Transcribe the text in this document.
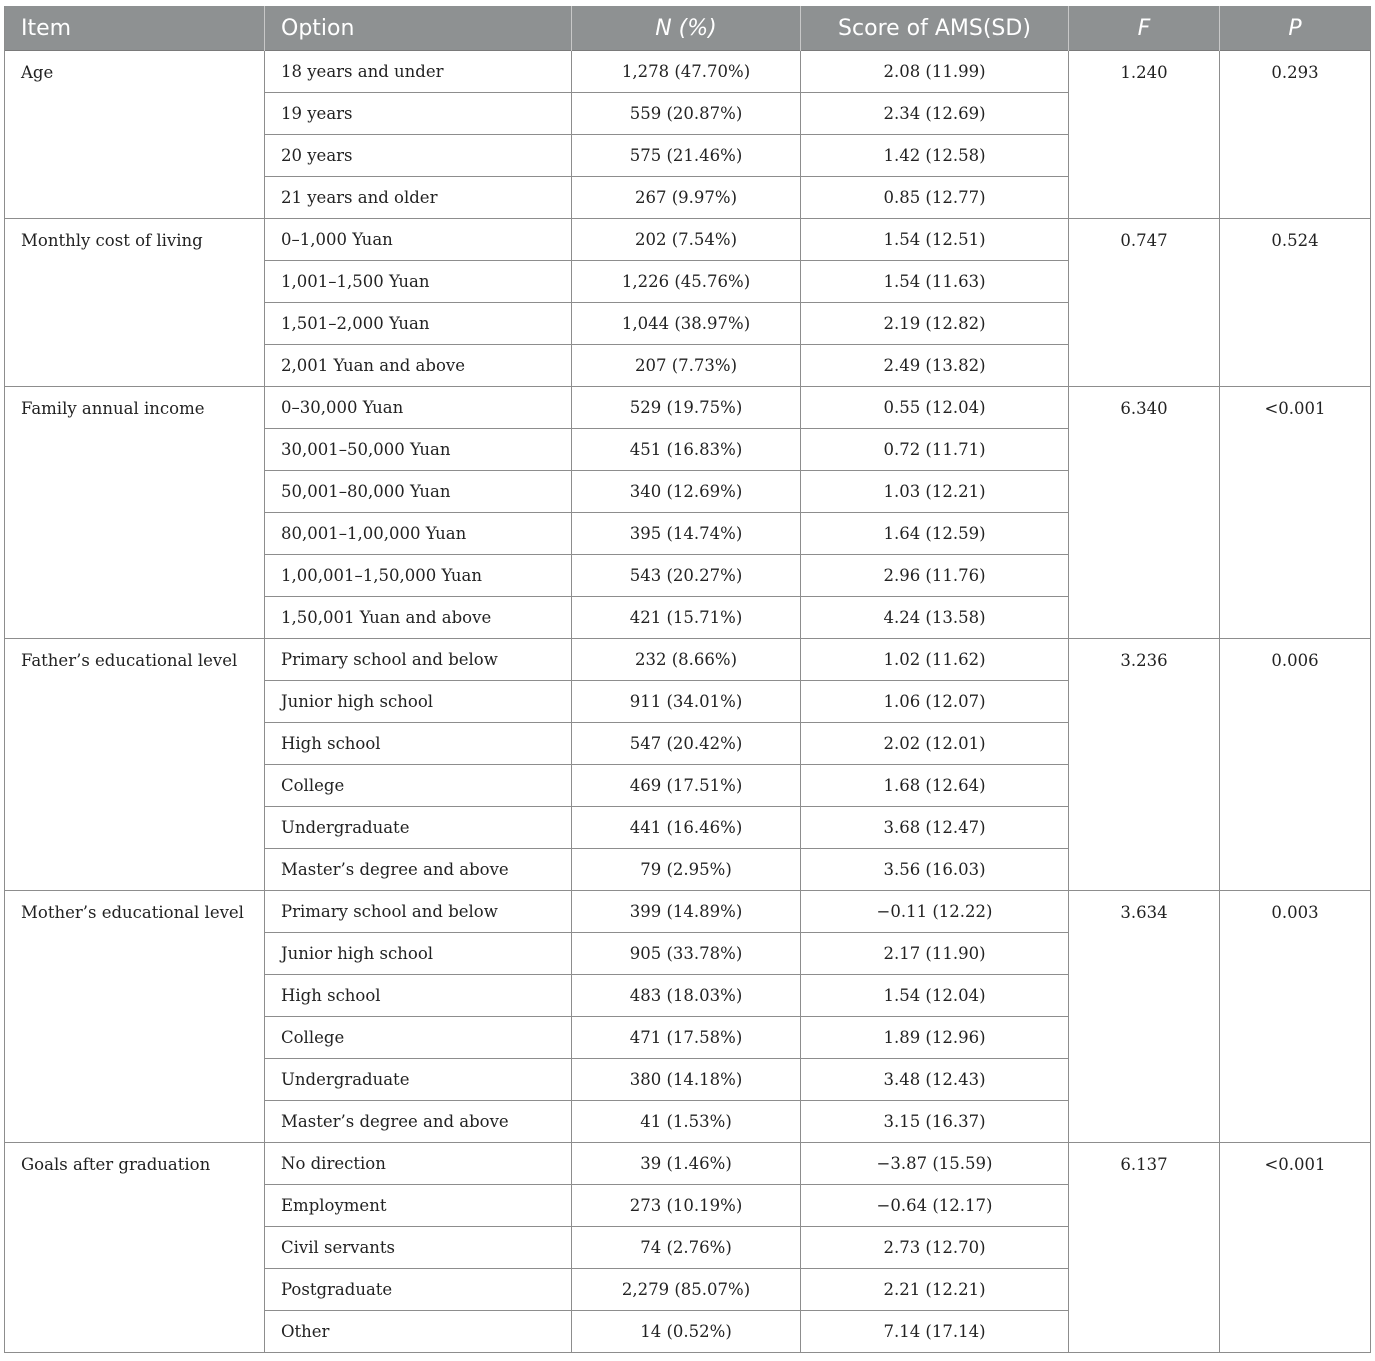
Item	Option	N (%)	Score of AMS(SD)	F	P
Age	18 years and under	1,278 (47.70%)	2.08 (11.99)	1.240	0.293
	19 years	559 (20.87%)	2.34 (12.69)		
	20 years	575 (21.46%)	1.42 (12.58)		
	21 years and older	267 (9.97%)	0.85 (12.77)		
Monthly cost of living	0–1,000 Yuan	202 (7.54%)	1.54 (12.51)	0.747	0.524
	1,001–1,500 Yuan	1,226 (45.76%)	1.54 (11.63)		
	1,501–2,000 Yuan	1,044 (38.97%)	2.19 (12.82)		
	2,001 Yuan and above	207 (7.73%)	2.49 (13.82)		
Family annual income	0–30,000 Yuan	529 (19.75%)	0.55 (12.04)	6.340	<0.001
	30,001–50,000 Yuan	451 (16.83%)	0.72 (11.71)		
	50,001–80,000 Yuan	340 (12.69%)	1.03 (12.21)		
	80,001–1,00,000 Yuan	395 (14.74%)	1.64 (12.59)		
	1,00,001–1,50,000 Yuan	543 (20.27%)	2.96 (11.76)		
	1,50,001 Yuan and above	421 (15.71%)	4.24 (13.58)		
Father’s educational level	Primary school and below	232 (8.66%)	1.02 (11.62)	3.236	0.006
	Junior high school	911 (34.01%)	1.06 (12.07)		
	High school	547 (20.42%)	2.02 (12.01)		
	College	469 (17.51%)	1.68 (12.64)		
	Undergraduate	441 (16.46%)	3.68 (12.47)		
	Master’s degree and above	79 (2.95%)	3.56 (16.03)		
Mother’s educational level	Primary school and below	399 (14.89%)	−0.11 (12.22)	3.634	0.003
	Junior high school	905 (33.78%)	2.17 (11.90)		
	High school	483 (18.03%)	1.54 (12.04)		
	College	471 (17.58%)	1.89 (12.96)		
	Undergraduate	380 (14.18%)	3.48 (12.43)		
	Master’s degree and above	41 (1.53%)	3.15 (16.37)		
Goals after graduation	No direction	39 (1.46%)	−3.87 (15.59)	6.137	<0.001
	Employment	273 (10.19%)	−0.64 (12.17)		
	Civil servants	74 (2.76%)	2.73 (12.70)		
	Postgraduate	2,279 (85.07%)	2.21 (12.21)		
	Other	14 (0.52%)	7.14 (17.14)		
